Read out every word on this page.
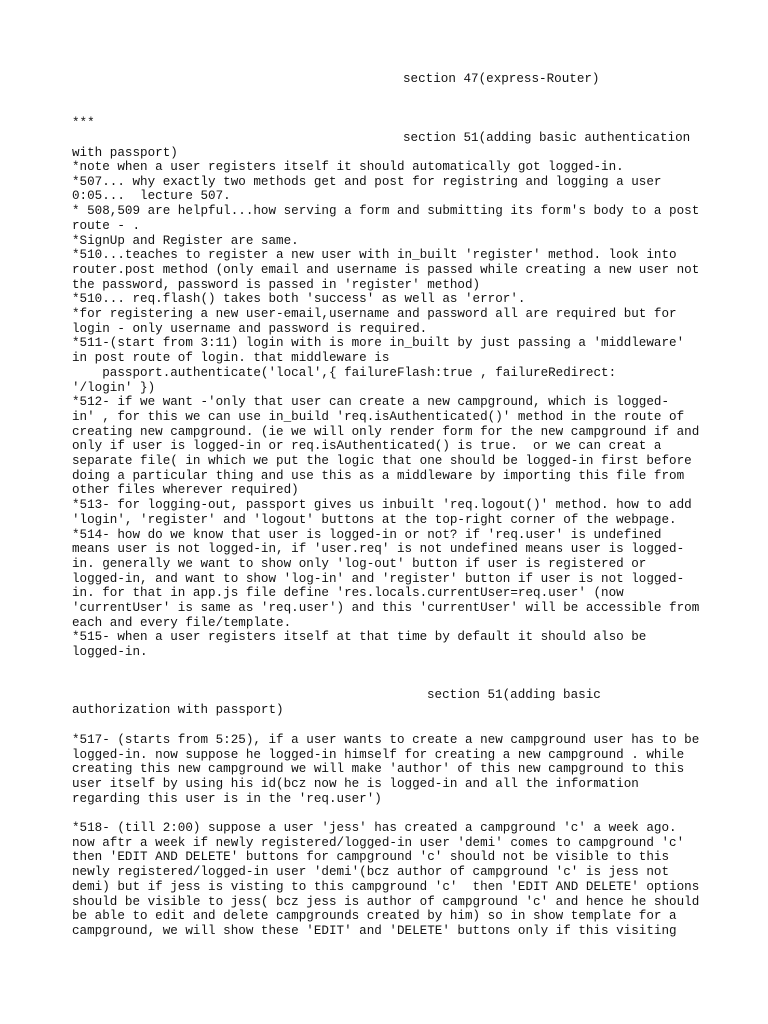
section 47(express-Router)
***
section 51(adding basic authentication
with passport)
*note when a user registers itself it should automatically got logged-in.
*507... why exactly two methods get and post for registring and logging a user
0:05...  lecture 507.
* 508,509 are helpful...how serving a form and submitting its form's body to a post
route - .
*SignUp and Register are same.
*510...teaches to register a new user with in_built 'register' method. look into
router.post method (only email and username is passed while creating a new user not
the password, password is passed in 'register' method)
*510... req.flash() takes both 'success' as well as 'error'.
*for registering a new user-email,username and password all are required but for
login - only username and password is required.
*511-(start from 3:11) login with is more in_built by just passing a 'middleware'
in post route of login. that middleware is
passport.authenticate('local',{ failureFlash:true , failureRedirect:
'/login' })
*512- if we want -'only that user can create a new campground, which is logged-
in' , for this we can use in_build 'req.isAuthenticated()' method in the route of
creating new campground. (ie we will only render form for the new campground if and
only if user is logged-in or req.isAuthenticated() is true.  or we can creat a
separate file( in which we put the logic that one should be logged-in first before
doing a particular thing and use this as a middleware by importing this file from
other files wherever required)
*513- for logging-out, passport gives us inbuilt 'req.logout()' method. how to add
'login', 'register' and 'logout' buttons at the top-right corner of the webpage.
*514- how do we know that user is logged-in or not? if 'req.user' is undefined
means user is not logged-in, if 'user.req' is not undefined means user is logged-
in. generally we want to show only 'log-out' button if user is registered or
logged-in, and want to show 'log-in' and 'register' button if user is not logged-
in. for that in app.js file define 'res.locals.currentUser=req.user' (now
'currentUser' is same as 'req.user') and this 'currentUser' will be accessible from
each and every file/template.
*515- when a user registers itself at that time by default it should also be
logged-in.
section 51(adding basic
authorization with passport)
*517- (starts from 5:25), if a user wants to create a new campground user has to be
logged-in. now suppose he logged-in himself for creating a new campground . while
creating this new campground we will make 'author' of this new campground to this
user itself by using his id(bcz now he is logged-in and all the information
regarding this user is in the 'req.user')
*518- (till 2:00) suppose a user 'jess' has created a campground 'c' a week ago.
now aftr a week if newly registered/logged-in user 'demi' comes to campground 'c'
then 'EDIT AND DELETE' buttons for campground 'c' should not be visible to this
newly registered/logged-in user 'demi'(bcz author of campground 'c' is jess not
demi) but if jess is visting to this campground 'c'  then 'EDIT AND DELETE' options
should be visible to jess( bcz jess is author of campground 'c' and hence he should
be able to edit and delete campgrounds created by him) so in show template for a
campground, we will show these 'EDIT' and 'DELETE' buttons only if this visiting
